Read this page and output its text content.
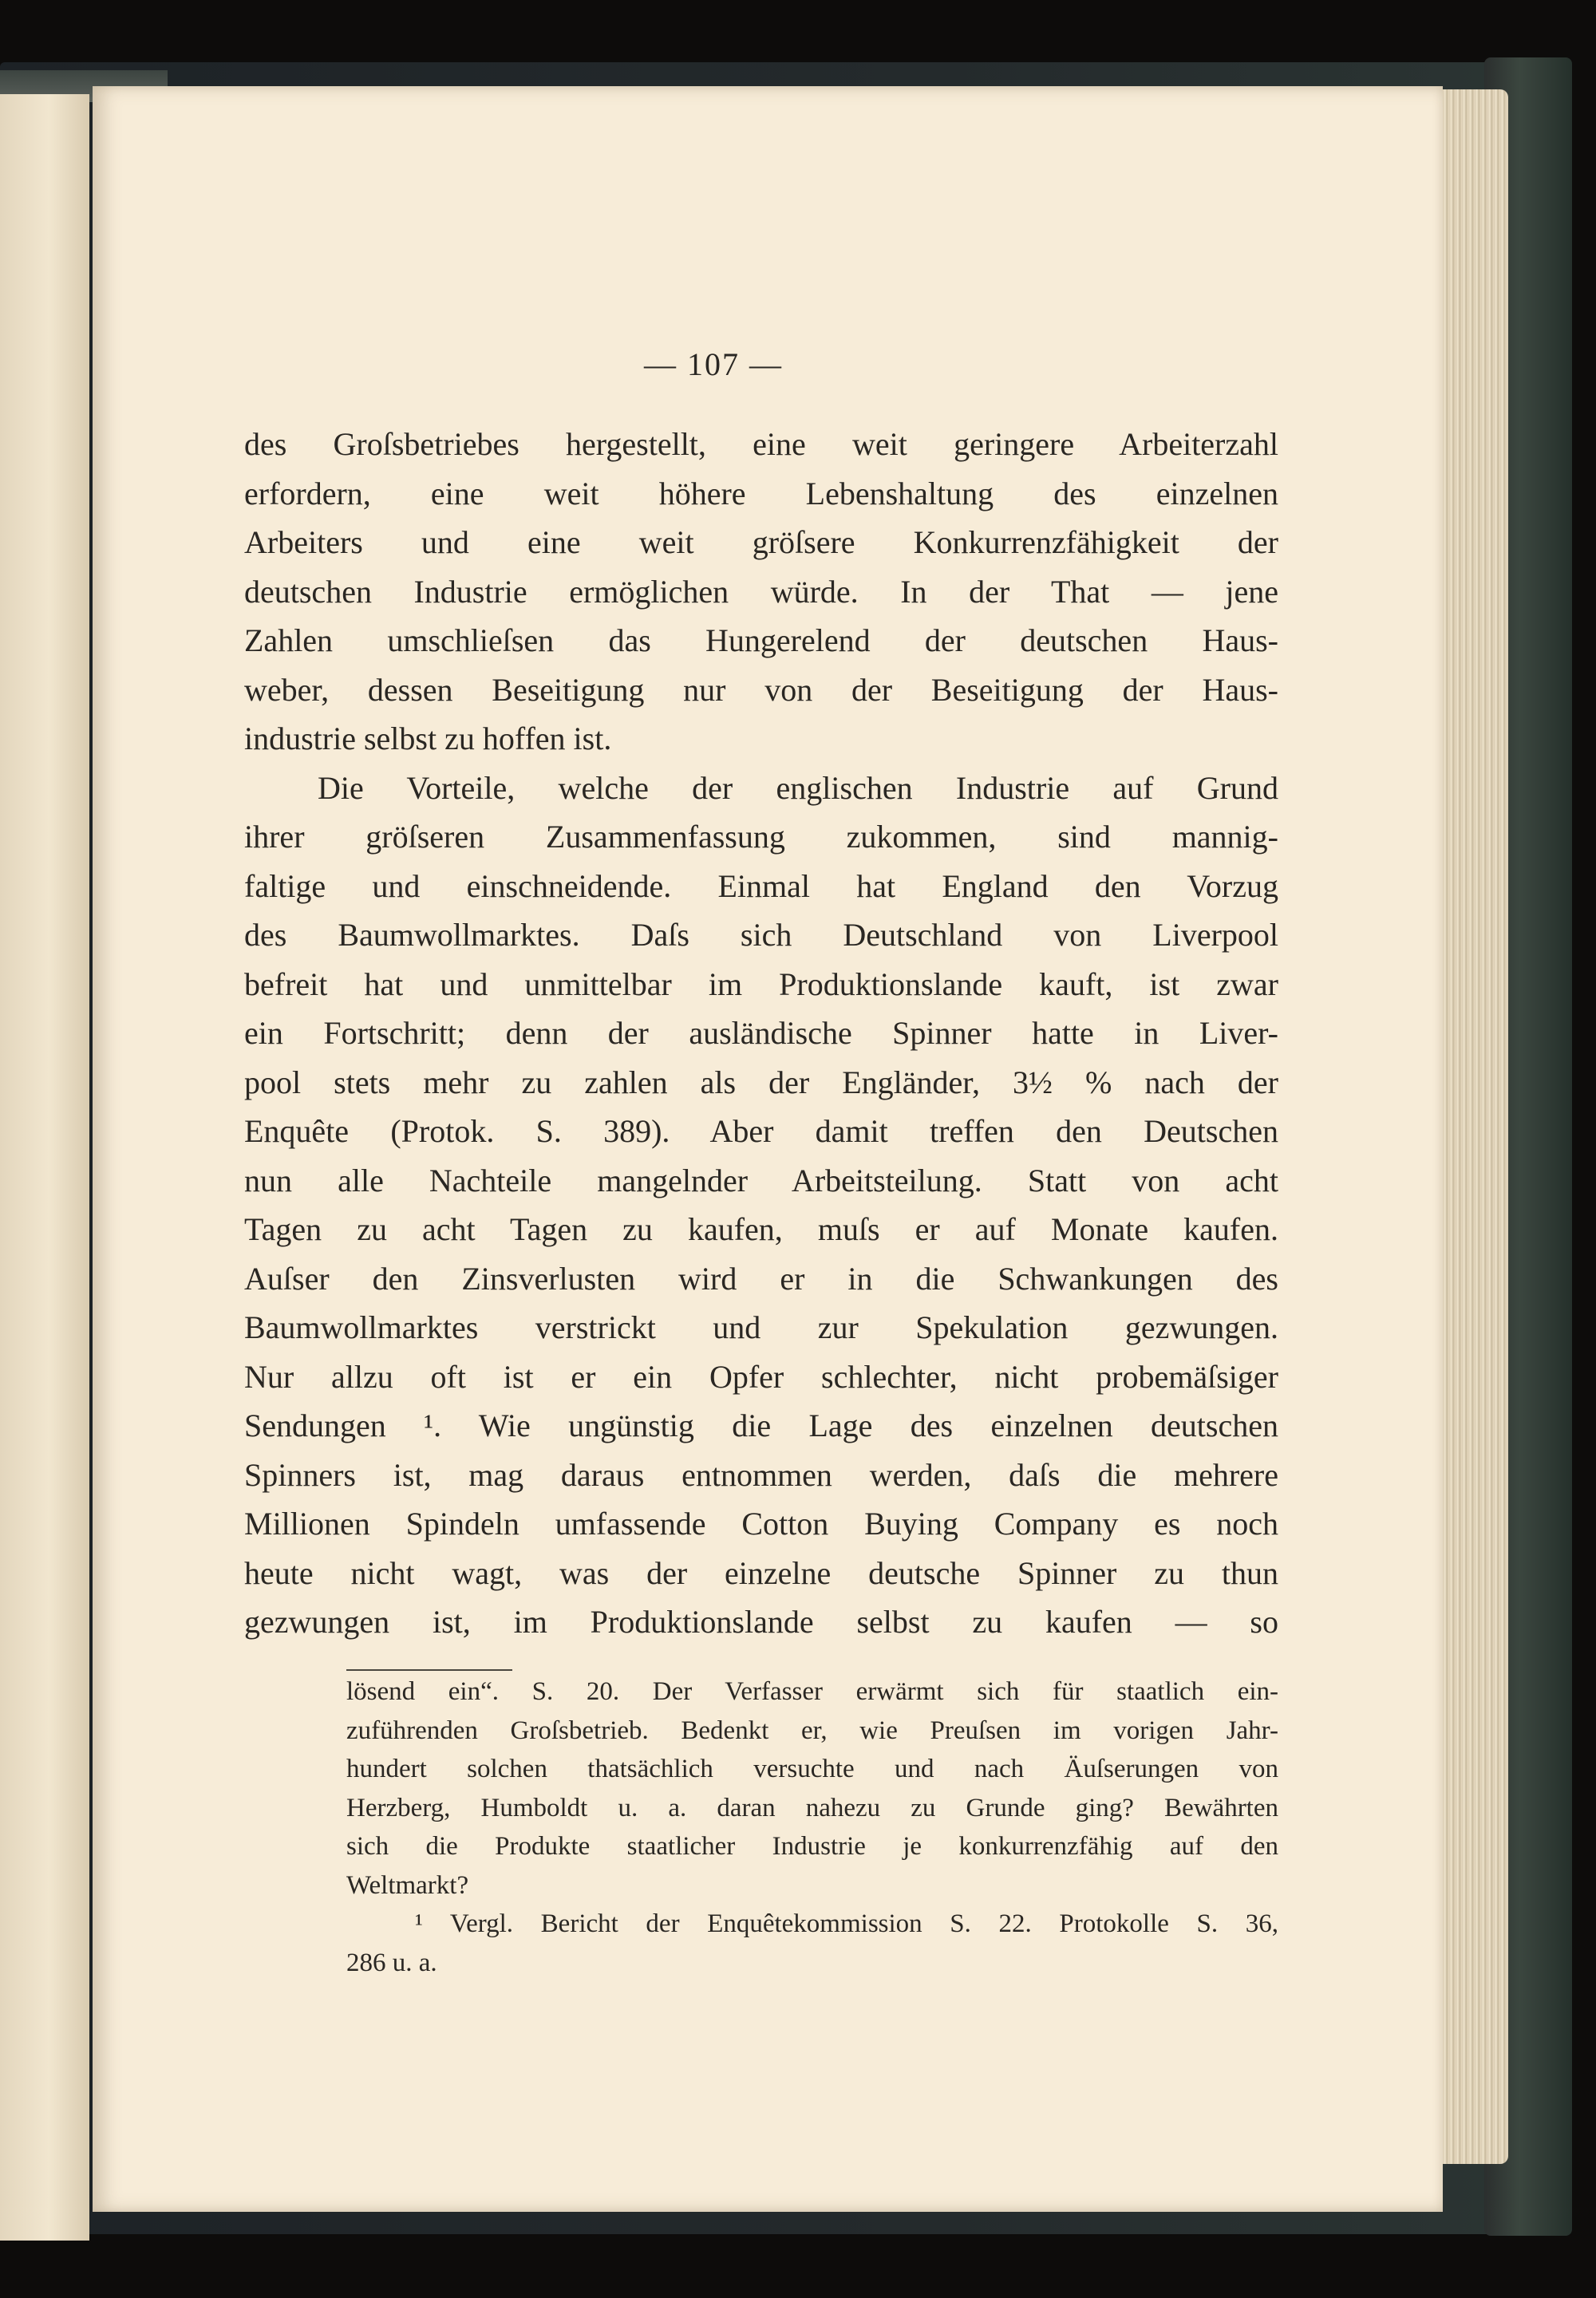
— 107 —
des Groſsbetriebes hergestellt, eine weit geringere Arbeiterzahl
erfordern, eine weit höhere Lebenshaltung des einzelnen
Arbeiters und eine weit gröſsere Konkurrenzfähigkeit der
deutschen Industrie ermöglichen würde. In der That — jene
Zahlen umschlieſsen das Hungerelend der deutschen Haus-
weber, dessen Beseitigung nur von der Beseitigung der Haus-
industrie selbst zu hoffen ist.
Die Vorteile, welche der englischen Industrie auf Grund
ihrer gröſseren Zusammenfassung zukommen, sind mannig-
faltige und einschneidende. Einmal hat England den Vorzug
des Baumwollmarktes. Daſs sich Deutschland von Liverpool
befreit hat und unmittelbar im Produktionslande kauft, ist zwar
ein Fortschritt; denn der ausländische Spinner hatte in Liver-
pool stets mehr zu zahlen als der Engländer, 3½ % nach der
Enquête (Protok. S. 389). Aber damit treffen den Deutschen
nun alle Nachteile mangelnder Arbeitsteilung. Statt von acht
Tagen zu acht Tagen zu kaufen, muſs er auf Monate kaufen.
Auſser den Zinsverlusten wird er in die Schwankungen des
Baumwollmarktes verstrickt und zur Spekulation gezwungen.
Nur allzu oft ist er ein Opfer schlechter, nicht probemäſsiger
Sendungen ¹. Wie ungünstig die Lage des einzelnen deutschen
Spinners ist, mag daraus entnommen werden, daſs die mehrere
Millionen Spindeln umfassende Cotton Buying Company es noch
heute nicht wagt, was der einzelne deutsche Spinner zu thun
gezwungen ist, im Produktionslande selbst zu kaufen — so
lösend ein“. S. 20. Der Verfasser erwärmt sich für staatlich ein-
zuführenden Groſsbetrieb. Bedenkt er, wie Preuſsen im vorigen Jahr-
hundert solchen thatsächlich versuchte und nach Äuſserungen von
Herzberg, Humboldt u. a. daran nahezu zu Grunde ging? Bewährten
sich die Produkte staatlicher Industrie je konkurrenzfähig auf den
Weltmarkt?
¹ Vergl. Bericht der Enquêtekommission S. 22. Protokolle S. 36,
286 u. a.
